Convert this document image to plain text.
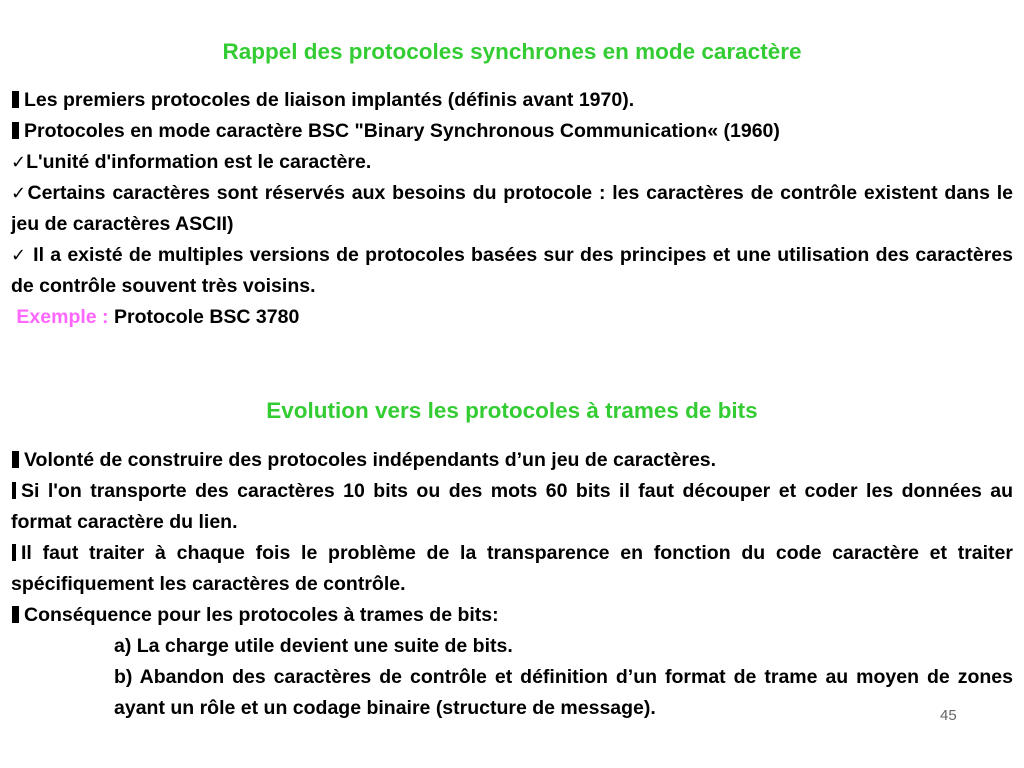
Rappel des protocoles synchrones en mode caractère
Les premiers protocoles de liaison implantés (définis avant 1970).
Protocoles en mode caractère BSC "Binary Synchronous Communication« (1960)
✓L'unité d'information est le caractère.
✓Certains caractères sont réservés aux besoins du protocole : les caractères de contrôle existent dans le jeu de caractères ASCII)
✓ Il a existé de multiples versions de protocoles basées sur des principes et une utilisation des caractères de contrôle souvent très voisins.
Exemple : Protocole BSC 3780
Evolution vers les protocoles à trames de bits
Volonté de construire des protocoles indépendants d’un jeu de caractères.
Si l'on transporte des caractères 10 bits ou des mots 60 bits il faut découper et coder les données au format caractère du lien.
Il faut traiter à chaque fois le problème de la transparence en fonction du code caractère et traiter spécifiquement les caractères de contrôle.
Conséquence pour les protocoles à trames de bits:
a) La charge utile devient une suite de bits.
b) Abandon des caractères de contrôle et définition d’un format de trame au moyen de zones ayant un rôle et un codage binaire (structure de message).	45
